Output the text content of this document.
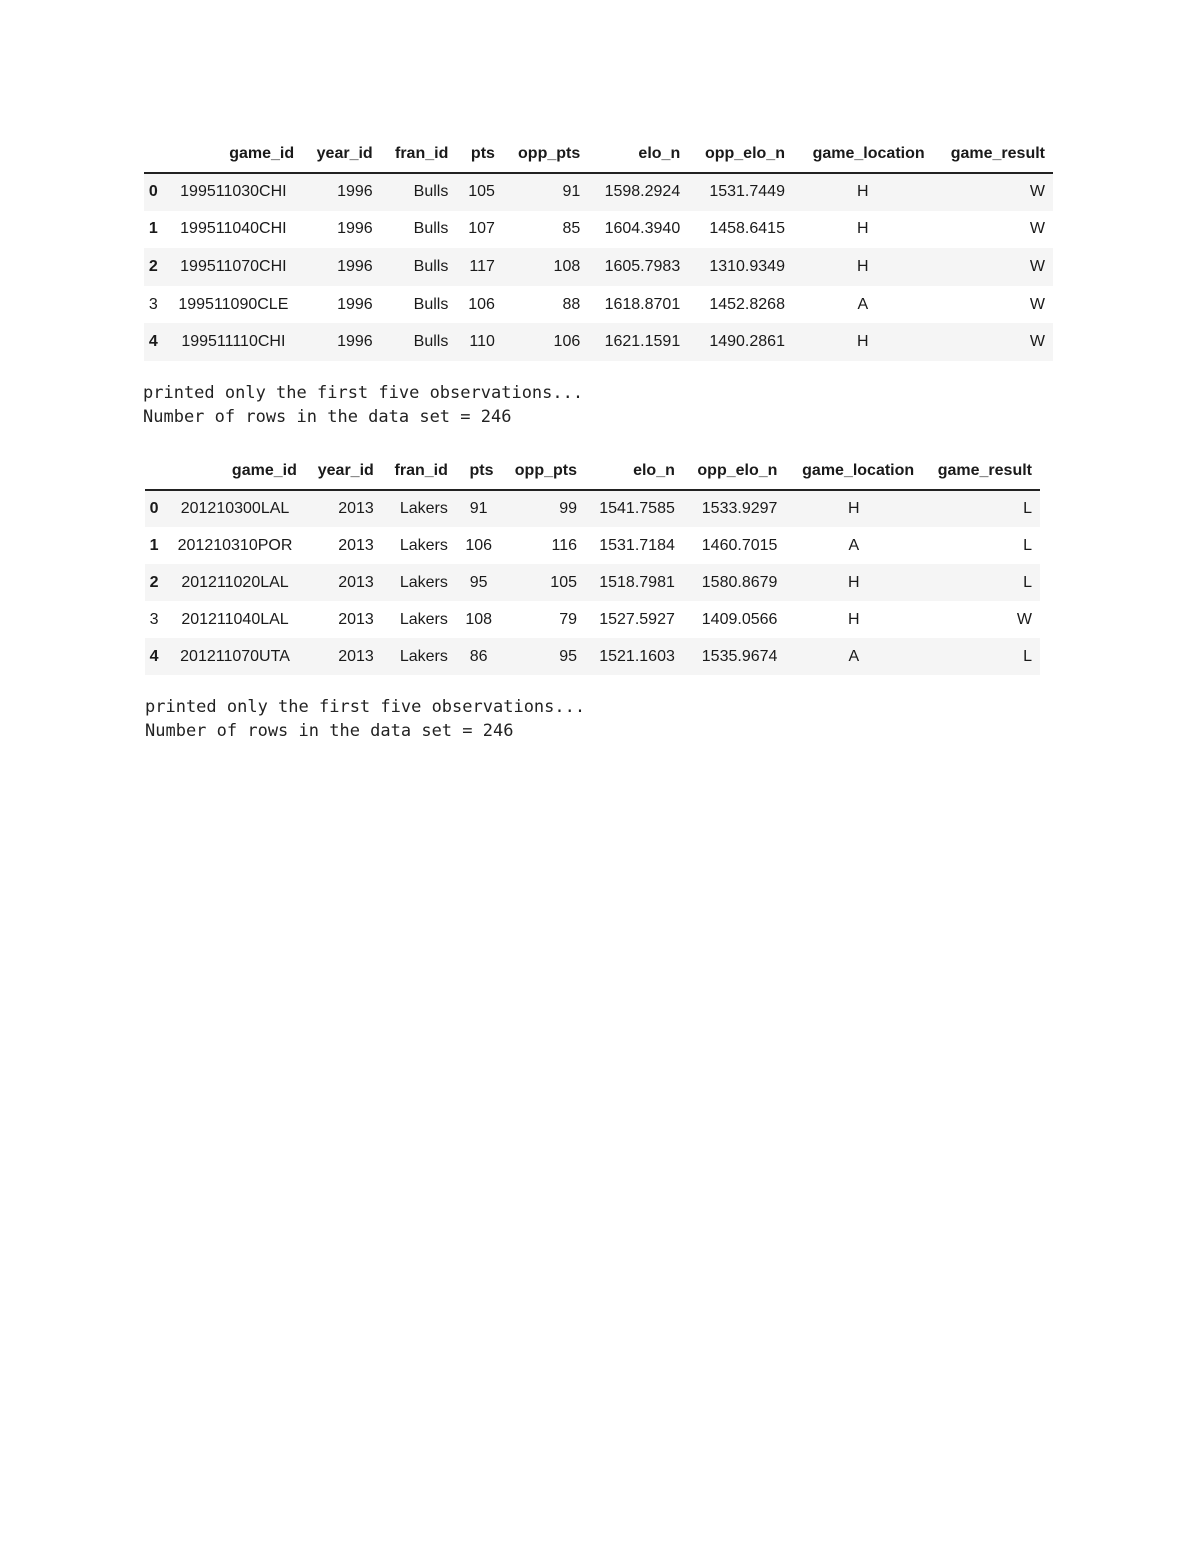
	game_id	year_id	fran_id	pts	opp_pts	elo_n	opp_elo_n	game_location	game_result
0	199511030CHI	1996	Bulls	105	91	1598.2924	1531.7449	H	W
1	199511040CHI	1996	Bulls	107	85	1604.3940	1458.6415	H	W
2	199511070CHI	1996	Bulls	117	108	1605.7983	1310.9349	H	W
3	199511090CLE	1996	Bulls	106	88	1618.8701	1452.8268	A	W
4	199511110CHI	1996	Bulls	110	106	1621.1591	1490.2861	H	W
printed only the first five observations...
Number of rows in the data set = 246
	game_id	year_id	fran_id	pts	opp_pts	elo_n	opp_elo_n	game_location	game_result
0	201210300LAL	2013	Lakers	91	99	1541.7585	1533.9297	H	L
1	201210310POR	2013	Lakers	106	116	1531.7184	1460.7015	A	L
2	201211020LAL	2013	Lakers	95	105	1518.7981	1580.8679	H	L
3	201211040LAL	2013	Lakers	108	79	1527.5927	1409.0566	H	W
4	201211070UTA	2013	Lakers	86	95	1521.1603	1535.9674	A	L
printed only the first five observations...
Number of rows in the data set = 246
